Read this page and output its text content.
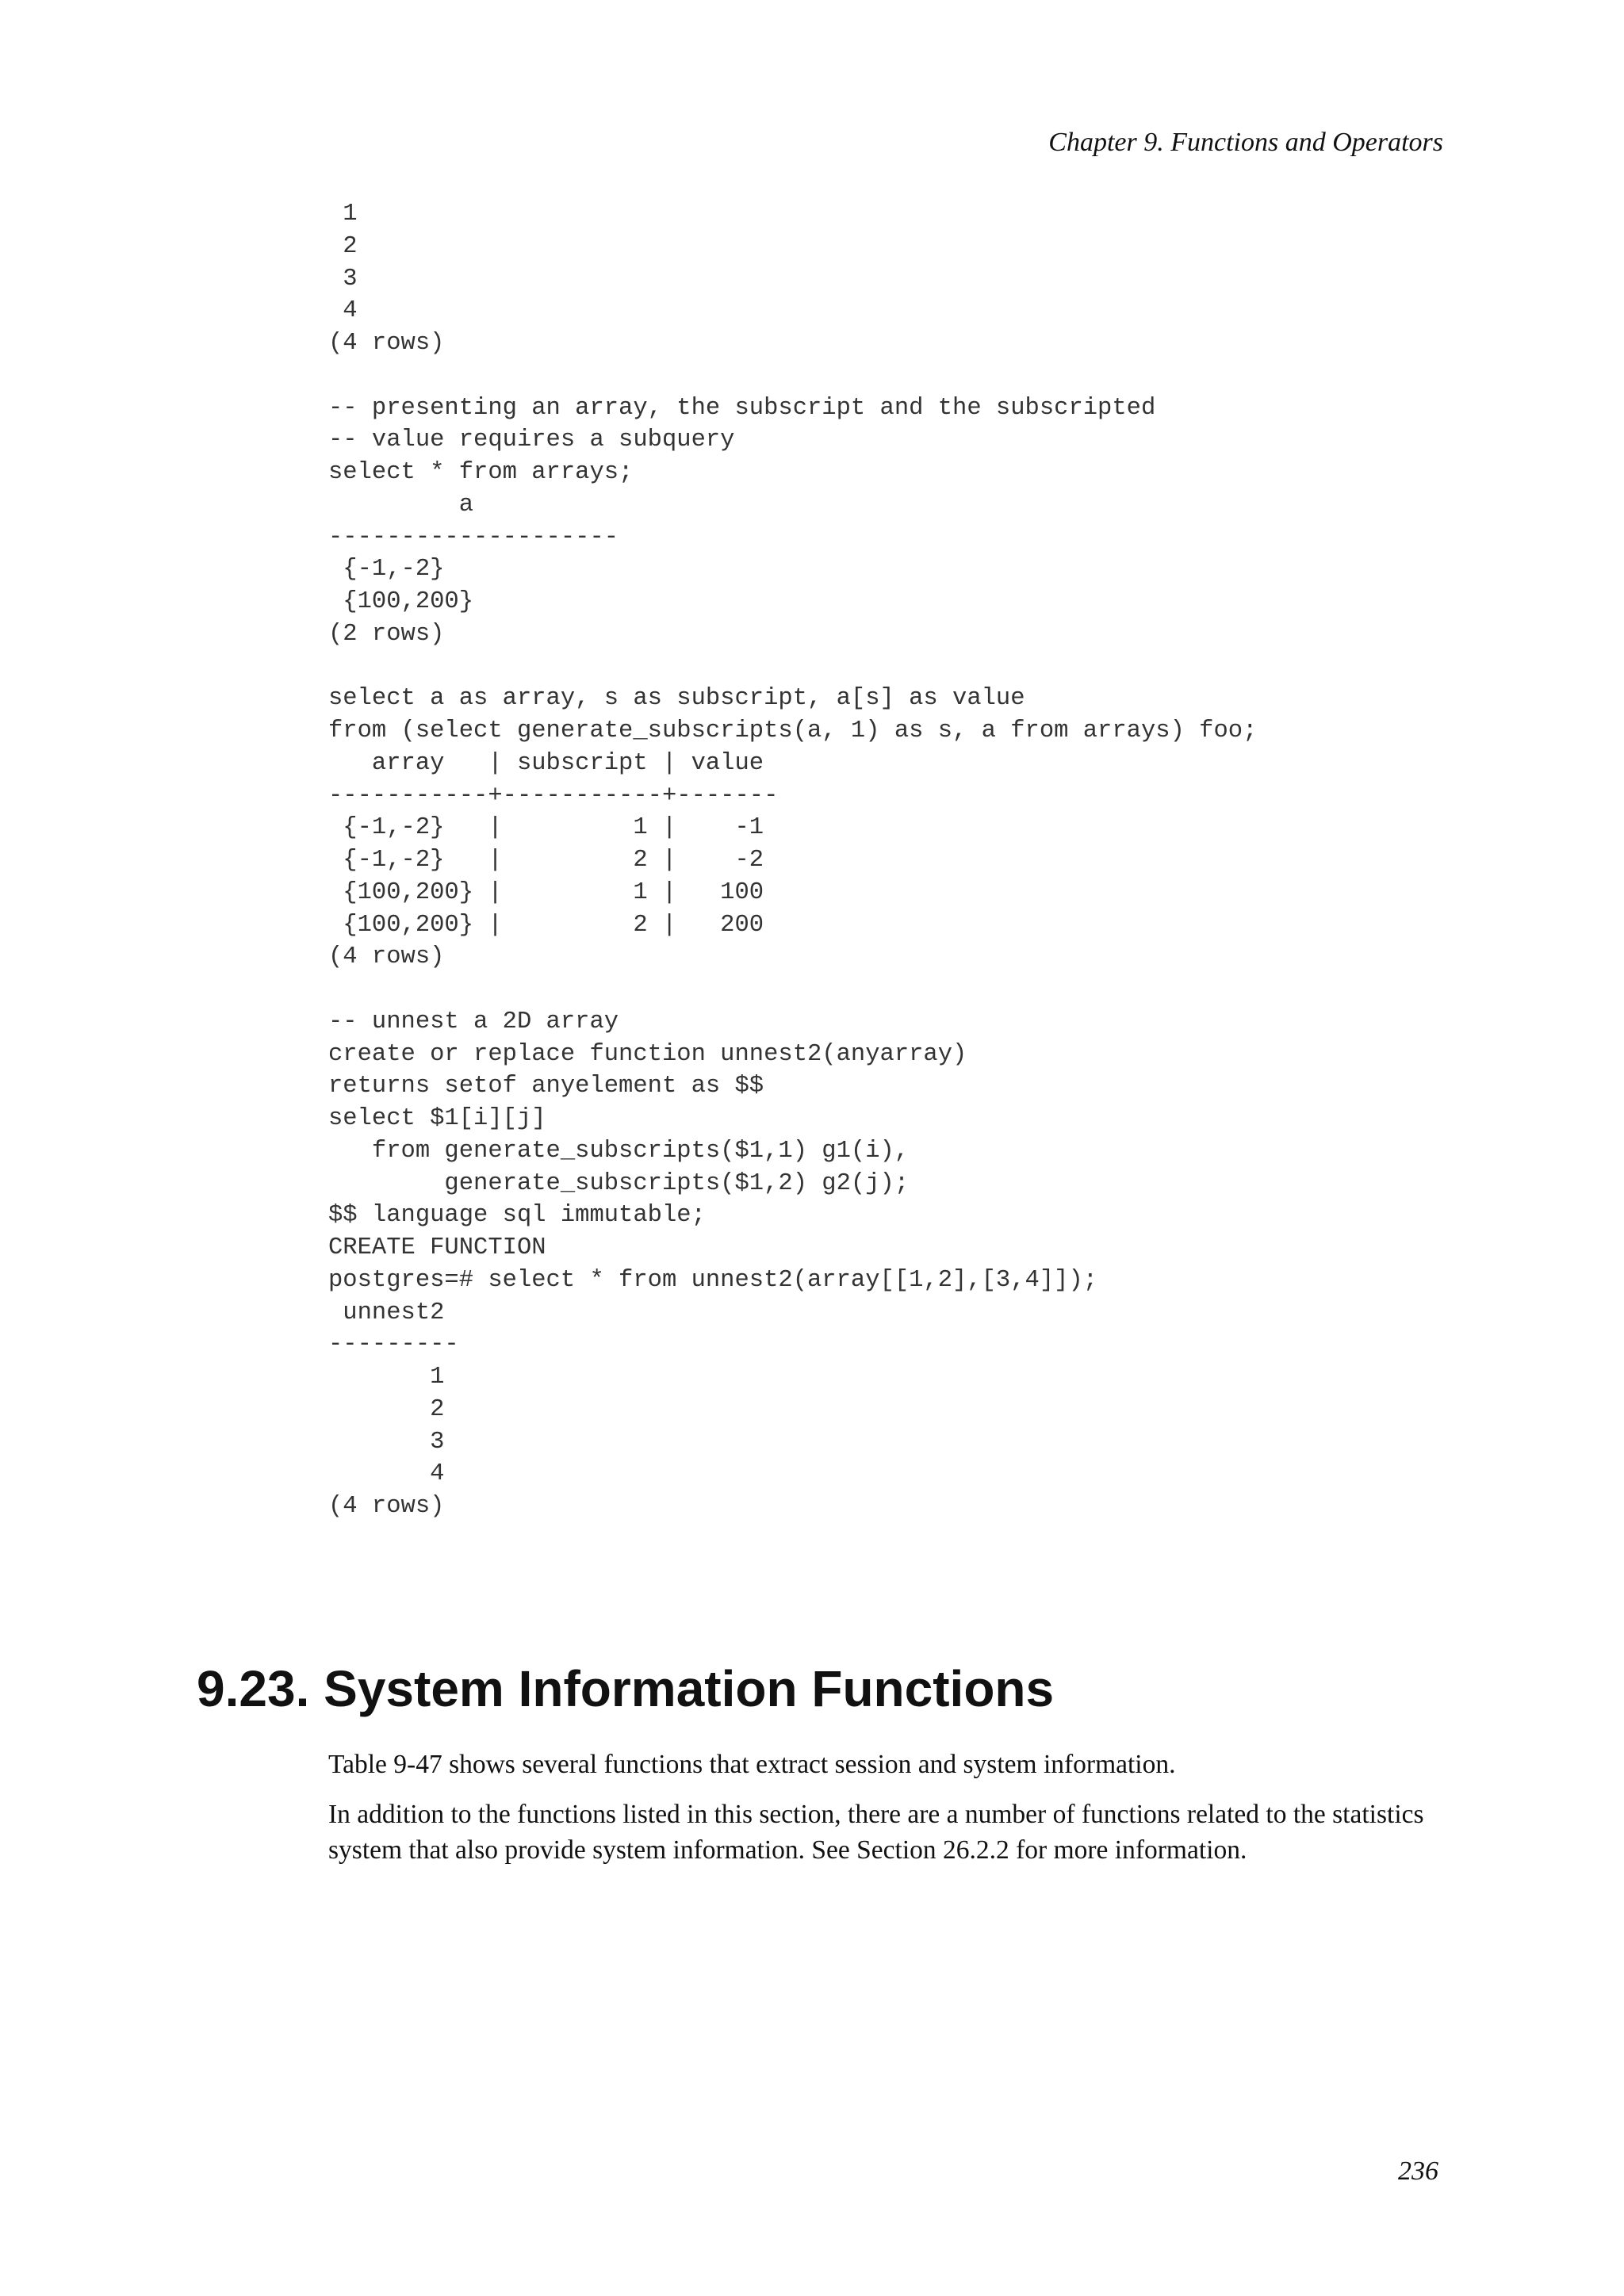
Chapter 9. Functions and Operators
1
2
3
4
(4 rows)
-- presenting an array, the subscript and the subscripted
-- value requires a subquery
select * from arrays;
a
--------------------
{-1,-2}
{100,200}
(2 rows)
select a as array, s as subscript, a[s] as value
from (select generate_subscripts(a, 1) as s, a from arrays) foo;
array   | subscript | value
-----------+-----------+-------
{-1,-2}   |         1 |    -1
{-1,-2}   |         2 |    -2
{100,200} |         1 |   100
{100,200} |         2 |   200
(4 rows)
-- unnest a 2D array
create or replace function unnest2(anyarray)
returns setof anyelement as $$
select $1[i][j]
from generate_subscripts($1,1) g1(i),
generate_subscripts($1,2) g2(j);
$$ language sql immutable;
CREATE FUNCTION
postgres=# select * from unnest2(array[[1,2],[3,4]]);
unnest2
---------
1
2
3
4
(4 rows)
9.23. System Information Functions

Table 9-47 shows several functions that extract session and system information.

In addition to the functions listed in this section, there are a number of functions related to the statistics system that also provide system information. See Section 26.2.2 for more information.

236
